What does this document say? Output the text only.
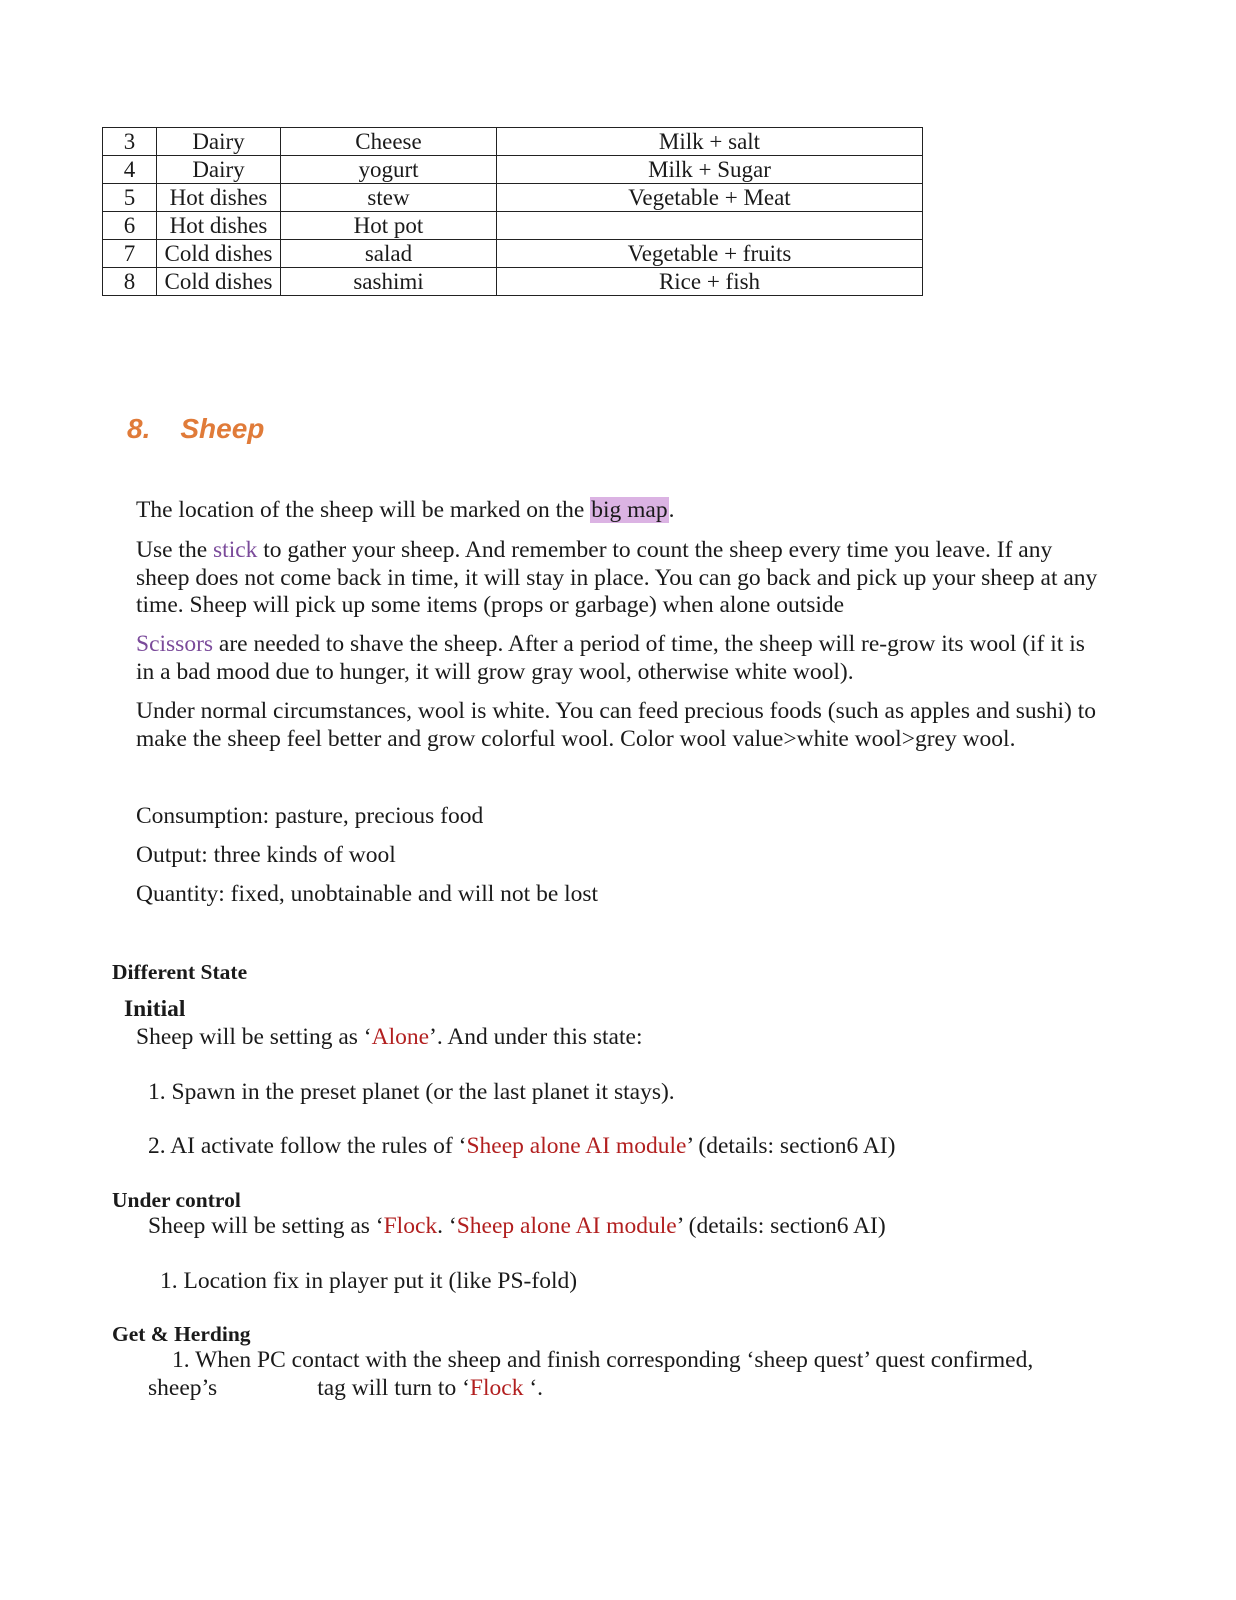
3	Dairy	Cheese	Milk + salt
4	Dairy	yogurt	Milk + Sugar
5	Hot dishes	stew	Vegetable + Meat
6	Hot dishes	Hot pot	
7	Cold dishes	salad	Vegetable + fruits
8	Cold dishes	sashimi	Rice + fish
8. Sheep
The location of the sheep will be marked on the big map.
Use the stick to gather your sheep. And remember to count the sheep every time you leave. If any sheep does not come back in time, it will stay in place. You can go back and pick up your sheep at any time. Sheep will pick up some items (props or garbage) when alone outside
Scissors are needed to shave the sheep. After a period of time, the sheep will re-grow its wool (if it is in a bad mood due to hunger, it will grow gray wool, otherwise white wool).
Under normal circumstances, wool is white. You can feed precious foods (such as apples and sushi) to make the sheep feel better and grow colorful wool. Color wool value>white wool>grey wool.
Consumption: pasture, precious food
Output: three kinds of wool
Quantity: fixed, unobtainable and will not be lost
Different State
Initial
Sheep will be setting as ‘Alone’. And under this state:
1. Spawn in the preset planet (or the last planet it stays).
2. AI activate follow the rules of ‘Sheep alone AI module’ (details: section6 AI)
Under control
Sheep will be setting as ‘Flock. ‘Sheep alone AI module’ (details: section6 AI)
1. Location fix in player put it (like PS-fold)
Get & Herding
1. When PC contact with the sheep and finish corresponding ‘sheep quest’ quest confirmed,
sheep’s	tag will turn to ‘Flock ‘.
